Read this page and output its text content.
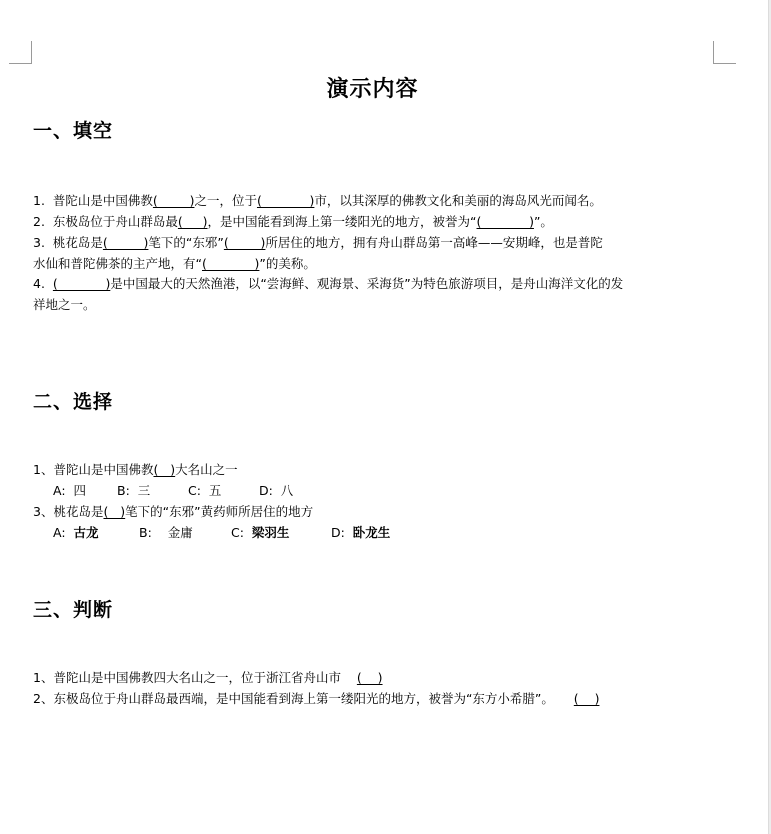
演示内容
一、填空
1. 普陀山是中国佛教(        )之一，位于(            )市，以其深厚的佛教文化和美丽的海岛风光而闻名。
2. 东极岛位于舟山群岛最(     )，是中国能看到海上第一缕阳光的地方，被誉为“(            )”。
3. 桃花岛是(         )笔下的“东邪”(        )所居住的地方，拥有舟山群岛第一高峰——安期峰，也是普陀
水仙和普陀佛茶的主产地，有“(            )”的美称。
4. (            )是中国最大的天然渔港，以“尝海鲜、观海景、采海货”为特色旅游项目，是舟山海洋文化的发
祥地之一。
二、选择
1、普陀山是中国佛教(   )大名山之一
A:  四 B:  三	C:  五	D:  八
3、桃花岛是(   )笔下的“东邪”黄药师所居住的地方
A: 古龙	B: 金庸	C: 梁羽生	D: 卧龙生
三、判断
1、普陀山是中国佛教四大名山之一，位于浙江省舟山市 (    )
2、东极岛位于舟山群岛最西端，是中国能看到海上第一缕阳光的地方，被誉为“东方小希腊”。 (    )
